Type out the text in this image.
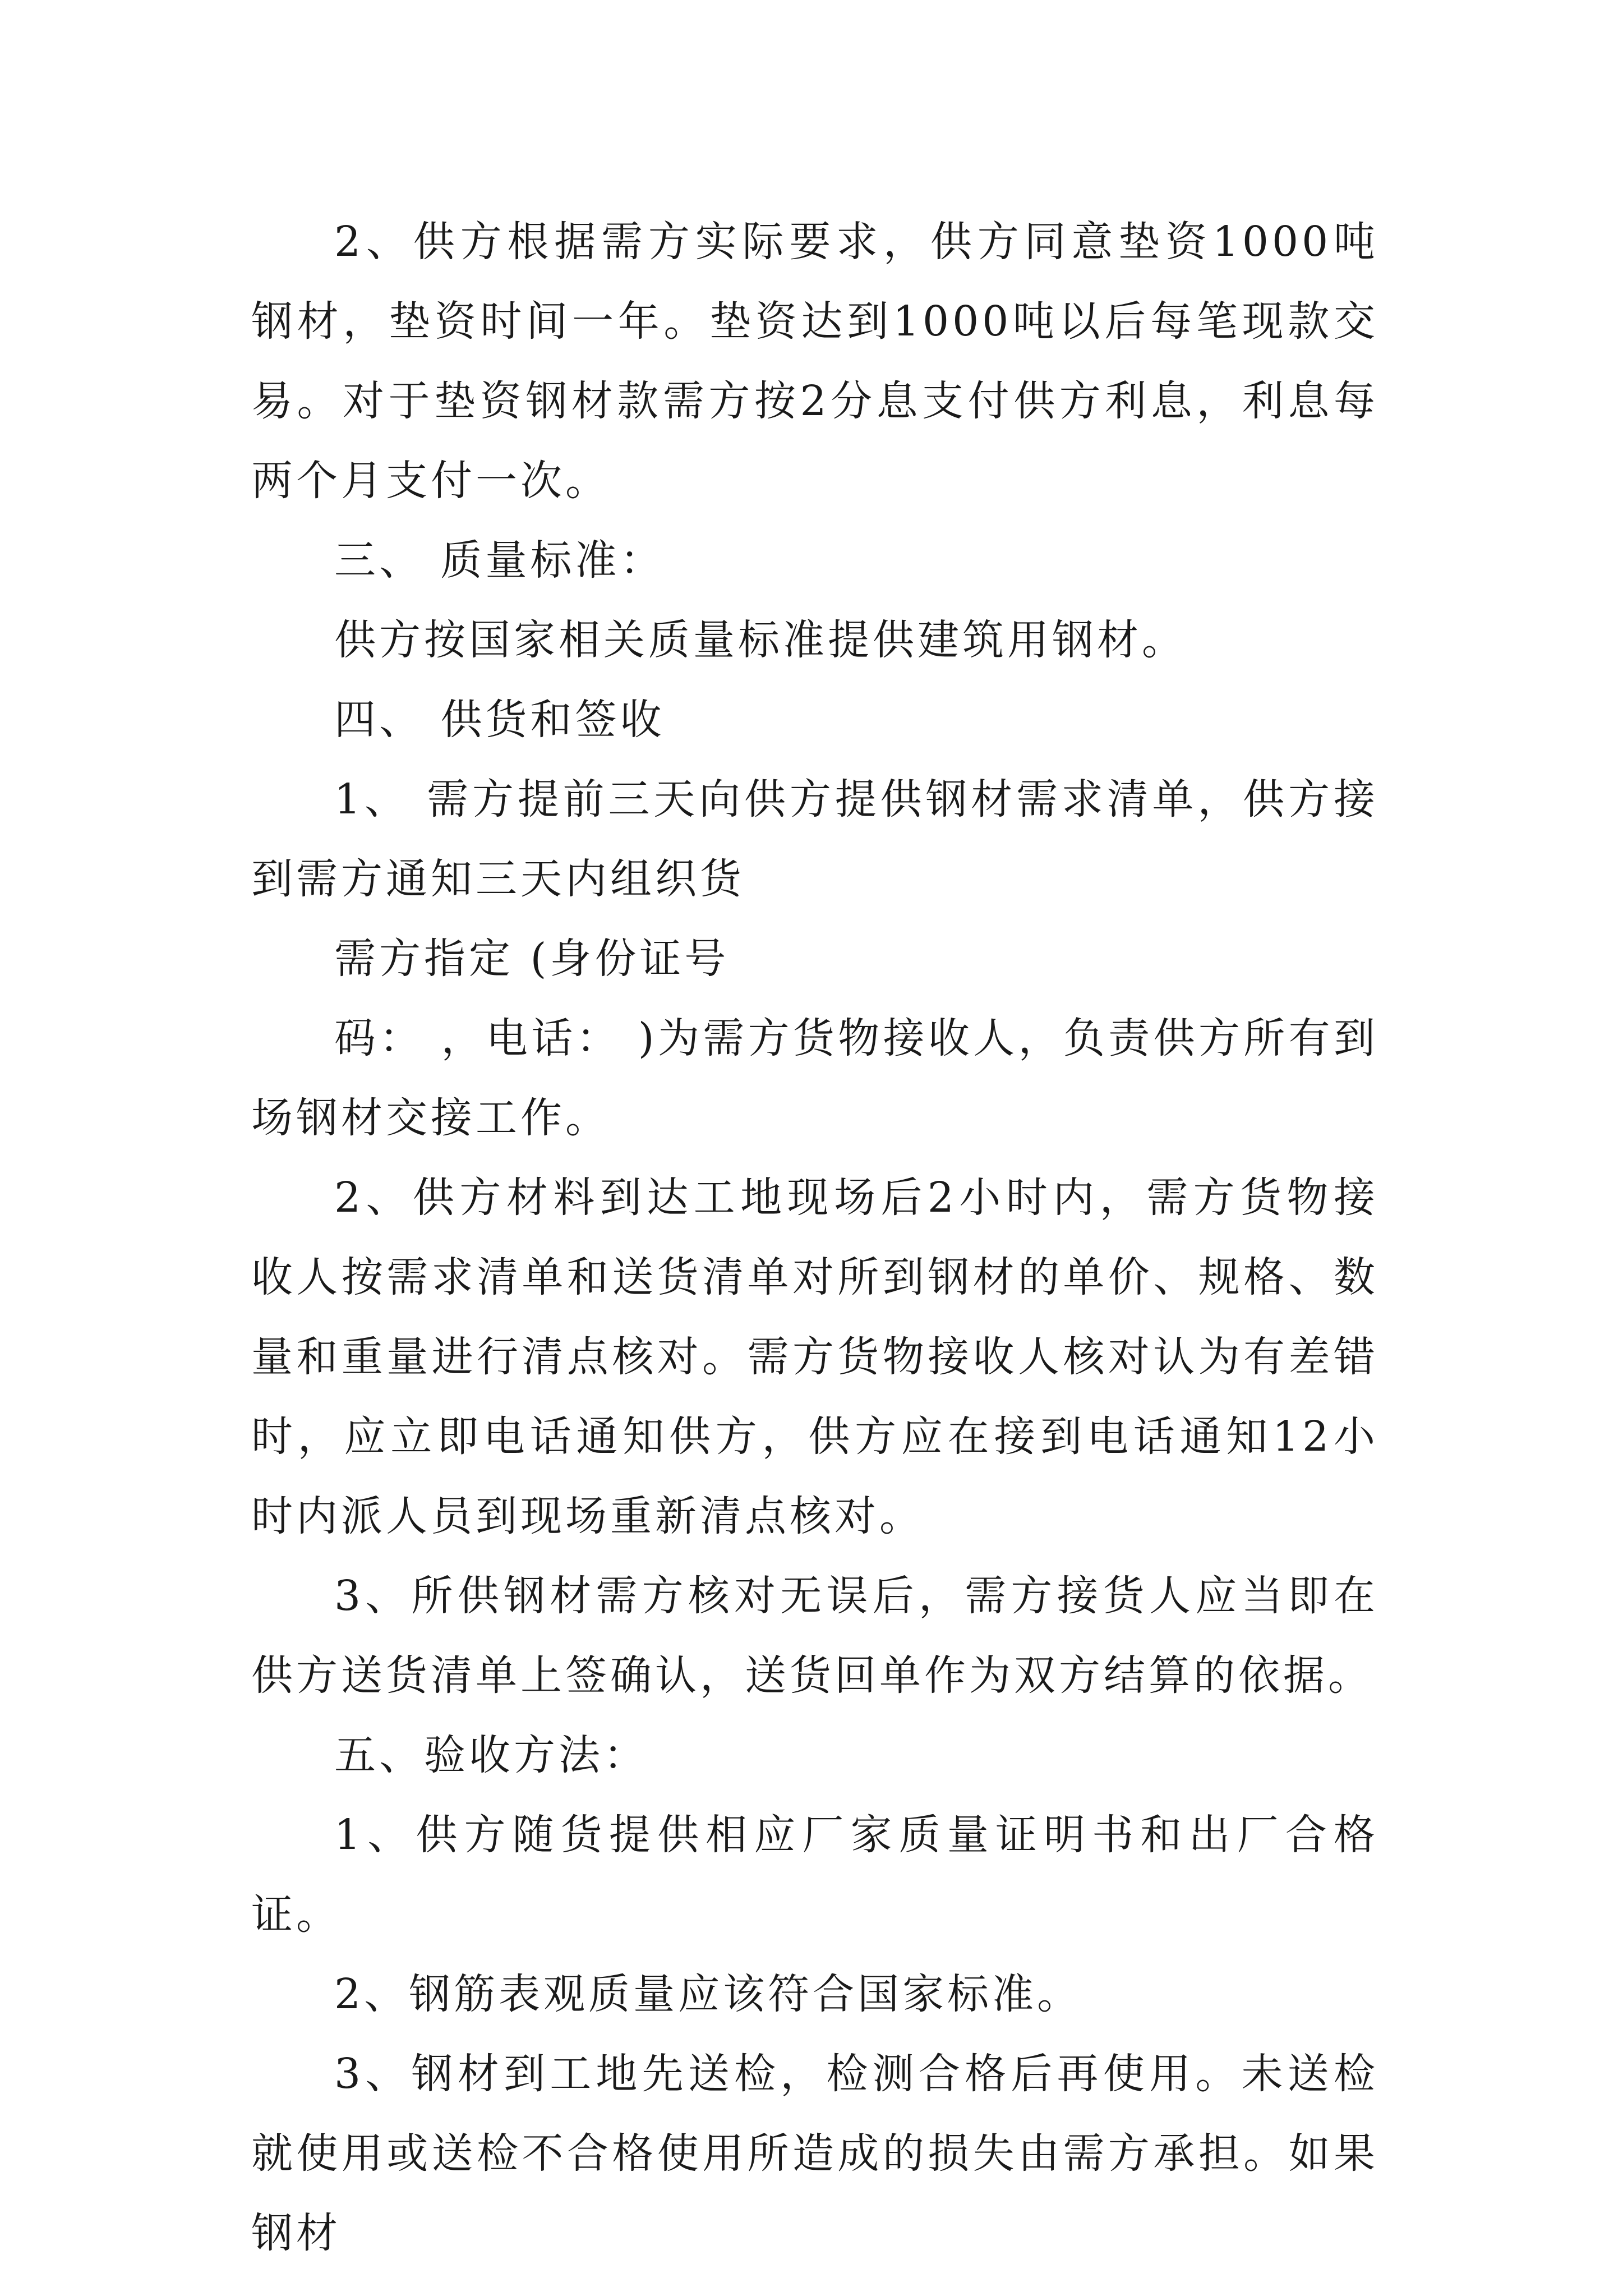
2、供方根据需方实际要求，供方同意垫资1000吨钢材，垫资时间一年。垫资达到1000吨以后每笔现款交易。对于垫资钢材款需方按2分息支付供方利息，利息每两个月支付一次。

三、 质量标准：

供方按国家相关质量标准提供建筑用钢材。

四、 供货和签收

1、 需方提前三天向供方提供钢材需求清单，供方接到需方通知三天内组织货

需方指定 (身份证号

码： ，电话： )为需方货物接收人，负责供方所有到场钢材交接工作。

2、供方材料到达工地现场后2小时内，需方货物接收人按需求清单和送货清单对所到钢材的单价、规格、数量和重量进行清点核对。需方货物接收人核对认为有差错时，应立即电话通知供方，供方应在接到电话通知12小时内派人员到现场重新清点核对。

3、所供钢材需方核对无误后，需方接货人应当即在供方送货清单上签确认，送货回单作为双方结算的依据。

五、验收方法：

1、供方随货提供相应厂家质量证明书和出厂合格证。

2、钢筋表观质量应该符合国家标准。

3、钢材到工地先送检，检测合格后再使用。未送检就使用或送检不合格使用所造成的损失由需方承担。如果钢材
